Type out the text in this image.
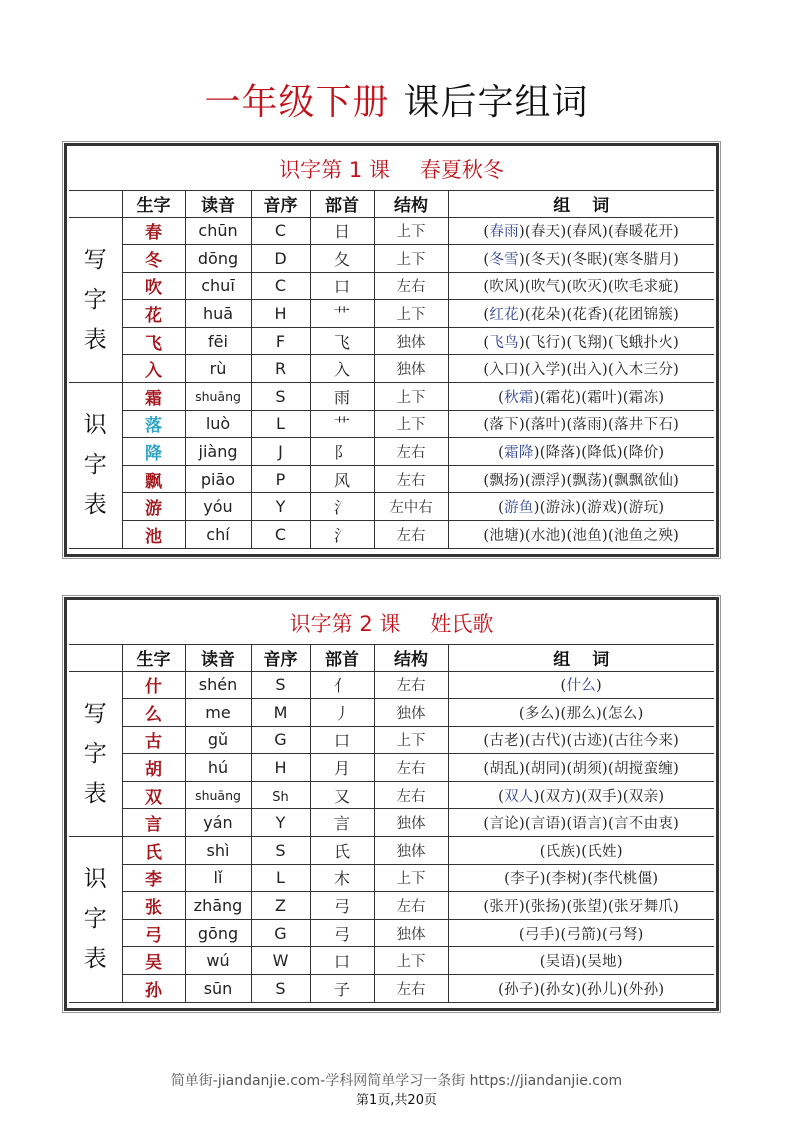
一年级下册 课后字组词
识字第 1 课 春夏秋冬						
	生字	读音	音序	部首	结构	组词

写
字
表	春	chūn	C	日	上下	(春雨)(春天)(春风)(春暖花开)
	冬	dōng	D	夂	上下	(冬雪)(冬天)(冬眠)(寒冬腊月)
	吹	chuī	C	口	左右	(吹风)(吹气)(吹灭)(吹毛求疵)
	花	huā	H	艹	上下	(红花)(花朵)(花香)(花团锦簇)
	飞	fēi	F	飞	独体	(飞鸟)(飞行)(飞翔)(飞蛾扑火)
	入	rù	R	入	独体	(入口)(入学)(出入)(入木三分)

识
字
表	霜	shuāng	S	雨	上下	(秋霜)(霜花)(霜叶)(霜冻)
	落	luò	L	艹	上下	(落下)(落叶)(落雨)(落井下石)
	降	jiàng	J	阝	左右	(霜降)(降落)(降低)(降价)
	飘	piāo	P	风	左右	(飘扬)(漂浮)(飘荡)(飘飘欲仙)
	游	yóu	Y	氵	左中右	(游鱼)(游泳)(游戏)(游玩)
	池	chí	C	氵	左右	(池塘)(水池)(池鱼)(池鱼之殃)
识字第 2 课 姓氏歌						
	生字	读音	音序	部首	结构	组词

写
字
表	什	shén	S	亻	左右	(什么)
	么	me	M	丿	独体	(多么)(那么)(怎么)
	古	gǔ	G	口	上下	(古老)(古代)(古迹)(古往今来)
	胡	hú	H	月	左右	(胡乱)(胡同)(胡须)(胡搅蛮缠)
	双	shuāng	Sh	又	左右	(双人)(双方)(双手)(双亲)
	言	yán	Y	言	独体	(言论)(言语)(语言)(言不由衷)

识
字
表	氏	shì	S	氏	独体	(氏族)(氏姓)
	李	lǐ	L	木	上下	(李子)(李树)(李代桃僵)
	张	zhāng	Z	弓	左右	(张开)(张扬)(张望)(张牙舞爪)
	弓	gōng	G	弓	独体	(弓手)(弓箭)(弓弩)
	吴	wú	W	口	上下	(吴语)(吴地)
	孙	sūn	S	子	左右	(孙子)(孙女)(孙儿)(外孙)
简单街-jiandanjie.com-学科网简单学习一条街 https://jiandanjie.com
第1页,共20页
